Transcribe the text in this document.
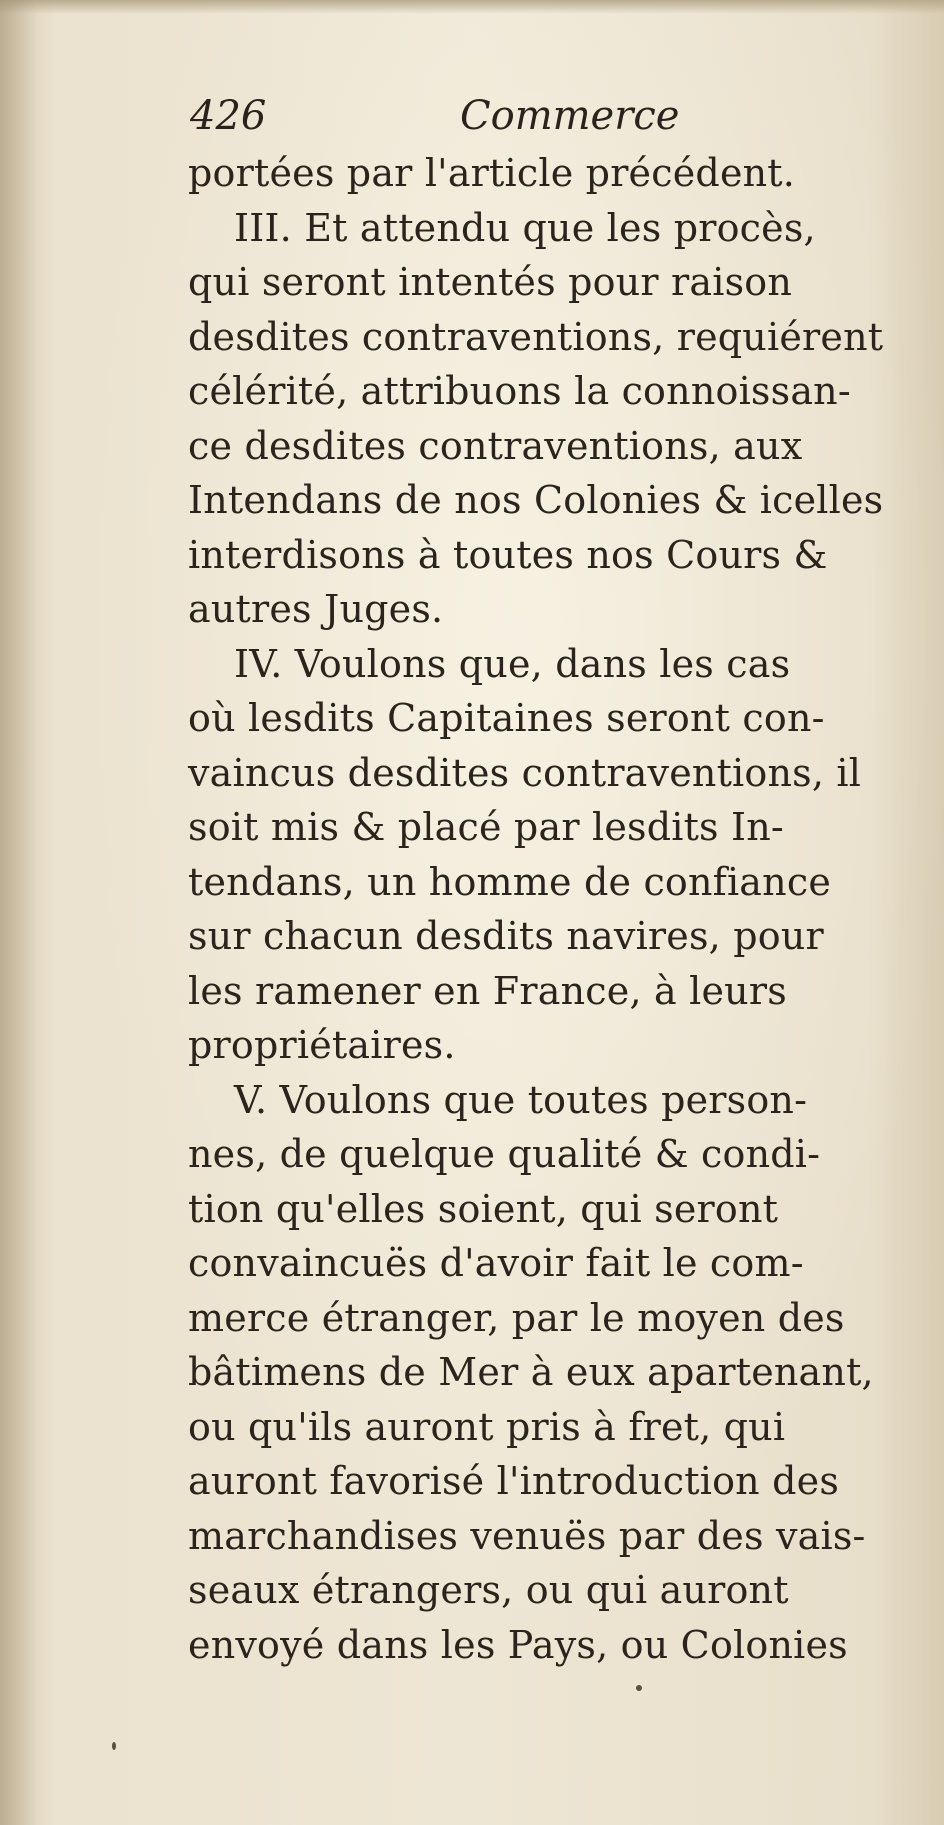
426	Commerce
portées par l'article précédent.
III. Et attendu que les procès,
qui seront intentés pour raison
desdites contraventions, requiérent
célérité, attribuons la connoissan-
ce desdites contraventions, aux
Intendans de nos Colonies & icelles
interdisons à toutes nos Cours &
autres Juges.
IV. Voulons que, dans les cas
où lesdits Capitaines seront con-
vaincus desdites contraventions, il
soit mis & placé par lesdits In-
tendans, un homme de confiance
sur chacun desdits navires, pour
les ramener en France, à leurs
propriétaires.
V. Voulons que toutes person-
nes, de quelque qualité & condi-
tion qu'elles soient, qui seront
convaincuës d'avoir fait le com-
merce étranger, par le moyen des
bâtimens de Mer à eux apartenant,
ou qu'ils auront pris à fret, qui
auront favorisé l'introduction des
marchandises venuës par des vais-
seaux étrangers, ou qui auront
envoyé dans les Pays, ou Colonies
